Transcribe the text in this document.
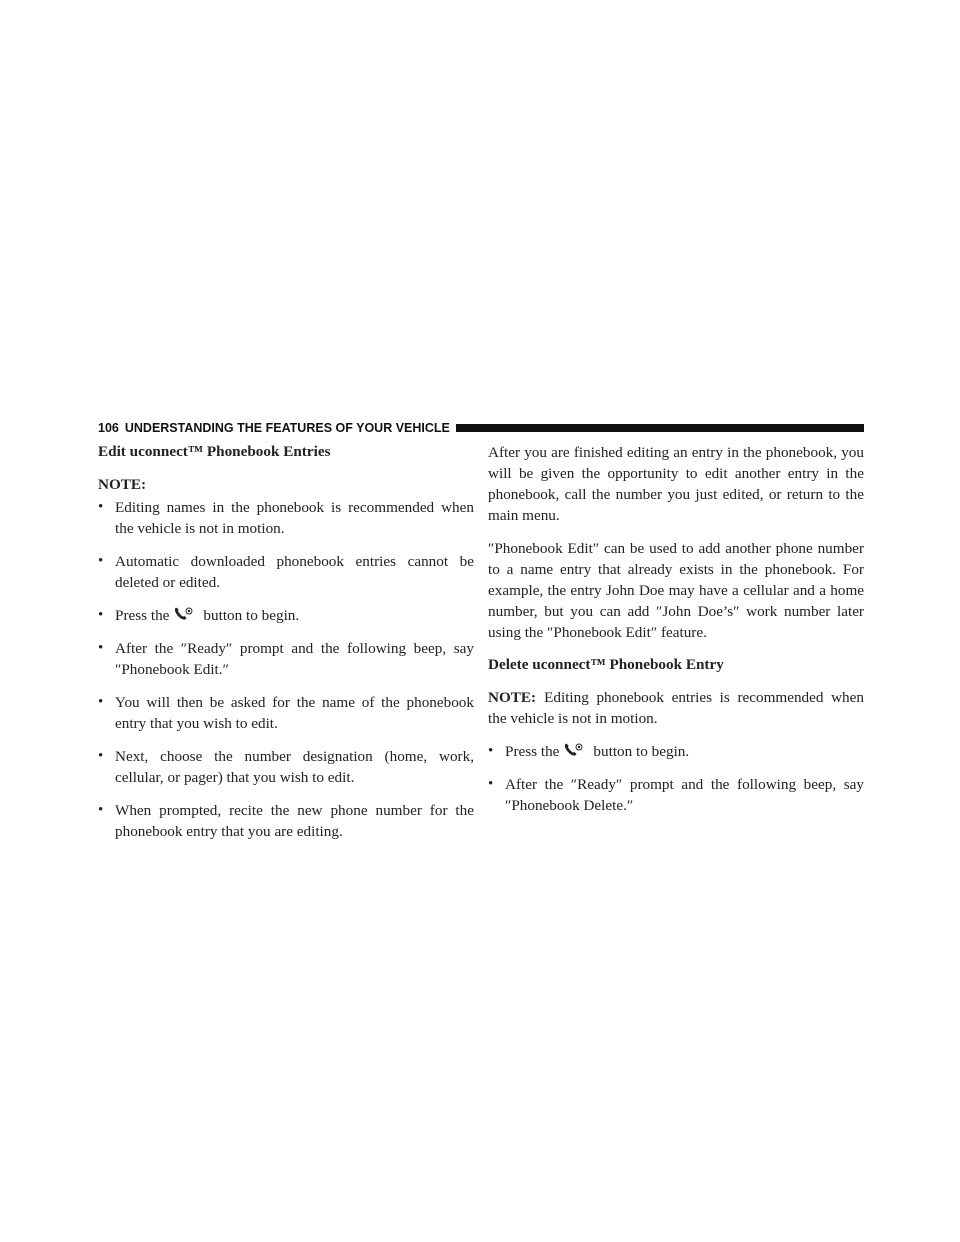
106 UNDERSTANDING THE FEATURES OF YOUR VEHICLE
Edit uconnect™ Phonebook Entries
NOTE:
• Editing names in the phonebook is recommended when the vehicle is not in motion.
• Automatic downloaded phonebook entries cannot be deleted or edited.
• Press the button to begin.
• After the ″Ready″ prompt and the following beep, say ″Phonebook Edit.″
• You will then be asked for the name of the phonebook entry that you wish to edit.
• Next, choose the number designation (home, work, cellular, or pager) that you wish to edit.
• When prompted, recite the new phone number for the phonebook entry that you are editing.
After you are finished editing an entry in the phonebook, you will be given the opportunity to edit another entry in the phonebook, call the number you just edited, or return to the main menu.
″Phonebook Edit″ can be used to add another phone number to a name entry that already exists in the phonebook. For example, the entry John Doe may have a cellular and a home number, but you can add ″John Doe’s″ work number later using the ″Phonebook Edit″ feature.
Delete uconnect™ Phonebook Entry
NOTE: Editing phonebook entries is recommended when the vehicle is not in motion.
• Press the button to begin.
• After the ″Ready″ prompt and the following beep, say ″Phonebook Delete.″
